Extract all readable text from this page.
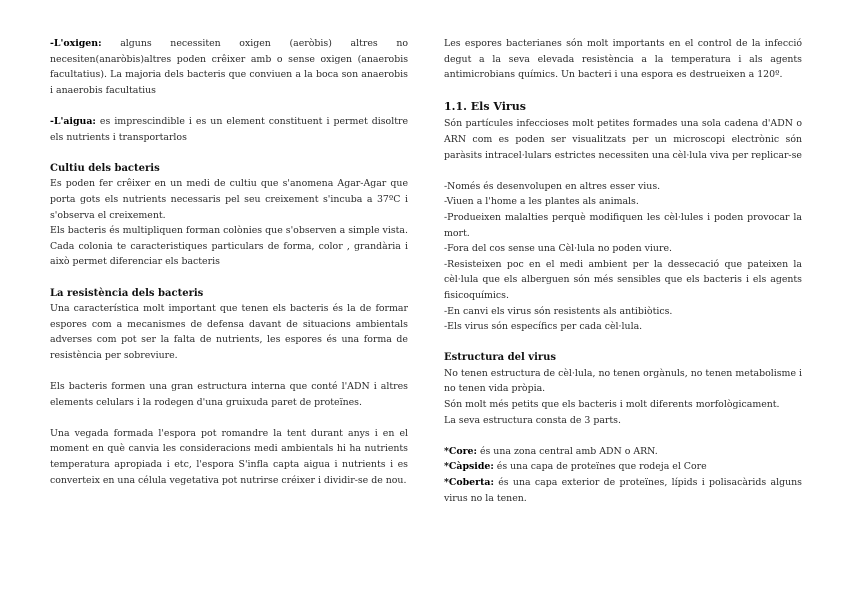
-L'oxigen: alguns necessiten oxigen (aeròbis) altres no necesiten(anaròbis)altres poden crêixer amb o sense oxigen (anaerobis facultatius). La majoria dels bacteris que conviuen a la boca son anaerobis i anaerobis facultatius

-L'aigua: es imprescindible i es un element constituent i permet disoltre els nutrients i transportarlos

Cultiu dels bacteris

Es poden fer crêixer en un medi de cultiu que s'anomena Agar-Agar que porta gots els nutrients necessaris pel seu creixement s'incuba a 37ºC i s'observa el creixement.

Els bacteris és multipliquen forman colònies que s'observen a simple vista. Cada colonia te caracteristiques particulars de forma, color , grandària i això permet diferenciar els bacteris

La resistència dels bacteris

Una característica molt important que tenen els bacteris és la de formar espores com a mecanismes de defensa davant de situacions ambientals adverses com pot ser la falta de nutrients, les espores és una forma de resistència per sobreviure.

Els bacteris formen una gran estructura interna que conté l'ADN i altres elements celulars i la rodegen d'una gruixuda paret de proteïnes.

Una vegada formada l'espora pot romandre la tent durant anys i en el moment en què canvia les consideracions medi ambientals hi ha nutrients temperatura apropiada i etc, l'espora S'infla capta aigua i nutrients i es converteix en una célula vegetativa pot nutrirse créixer i dividir-se de nou.

Les espores bacterianes són molt importants en el control de la infecció degut a la seva elevada resistència a la temperatura i als agents antimicrobians químics. Un bacteri i una espora es destrueixen a 120º.

1.1. Els Virus

Són partícules infeccioses molt petites formades una sola cadena d'ADN o ARN com es poden ser visualitzats per un microscopi electrònic són paràsits intracel·lulars estrictes necessiten una cèl·lula viva per replicar-se

-Només és desenvolupen en altres esser vius.

-Viuen a l'home a les plantes als animals.

-Produeixen malalties perquè modifiquen les cèl·lules i poden provocar la mort.

-Fora del cos sense una Cèl·lula no poden viure.

-Resisteixen poc en el medi ambient per la dessecació que pateixen la cèl·lula que els alberguen són més sensibles que els bacteris i els agents fisicoquímics.

-En canvi els virus són resistents als antibiòtics.

-Els virus són específics per cada cèl·lula.

Estructura del virus

No tenen estructura de cèl·lula, no tenen orgànuls, no tenen metabolisme i no tenen vida pròpia.

Són molt més petits que els bacteris i molt diferents morfològicament.

La seva estructura consta de 3 parts.

*Core: és una zona central amb ADN o ARN.

*Càpside: és una capa de proteïnes que rodeja el Core

*Coberta: és una capa exterior de proteïnes, lípids i polisacàrids alguns virus no la tenen.
